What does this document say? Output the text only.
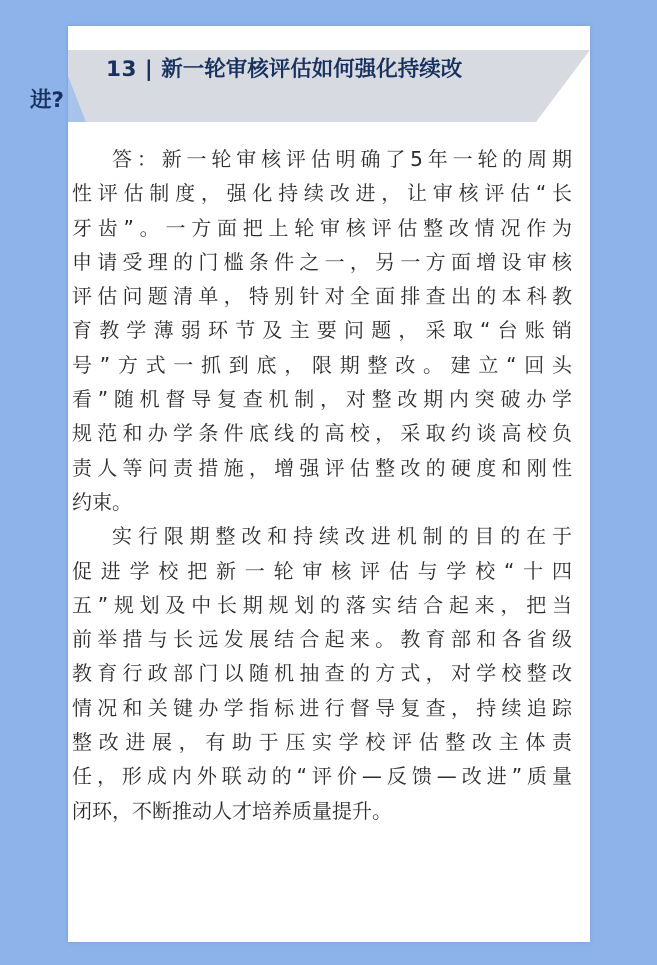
13 | 新一轮审核评估如何强化持续改
进?
答：新一轮审核评估明确了5年一轮的周期
性评估制度，强化持续改进，让审核评估“长
牙齿”。一方面把上轮审核评估整改情况作为
申请受理的门槛条件之一，另一方面增设审核
评估问题清单，特别针对全面排查出的本科教
育教学薄弱环节及主要问题，采取“台账销
号”方式一抓到底，限期整改。建立“回头
看”随机督导复查机制，对整改期内突破办学
规范和办学条件底线的高校，采取约谈高校负
责人等问责措施，增强评估整改的硬度和刚性
约束。
实行限期整改和持续改进机制的目的在于
促进学校把新一轮审核评估与学校“十四
五”规划及中长期规划的落实结合起来，把当
前举措与长远发展结合起来。教育部和各省级
教育行政部门以随机抽查的方式，对学校整改
情况和关键办学指标进行督导复查，持续追踪
整改进展，有助于压实学校评估整改主体责
任，形成内外联动的“评价—反馈—改进”质量
闭环，不断推动人才培养质量提升。
